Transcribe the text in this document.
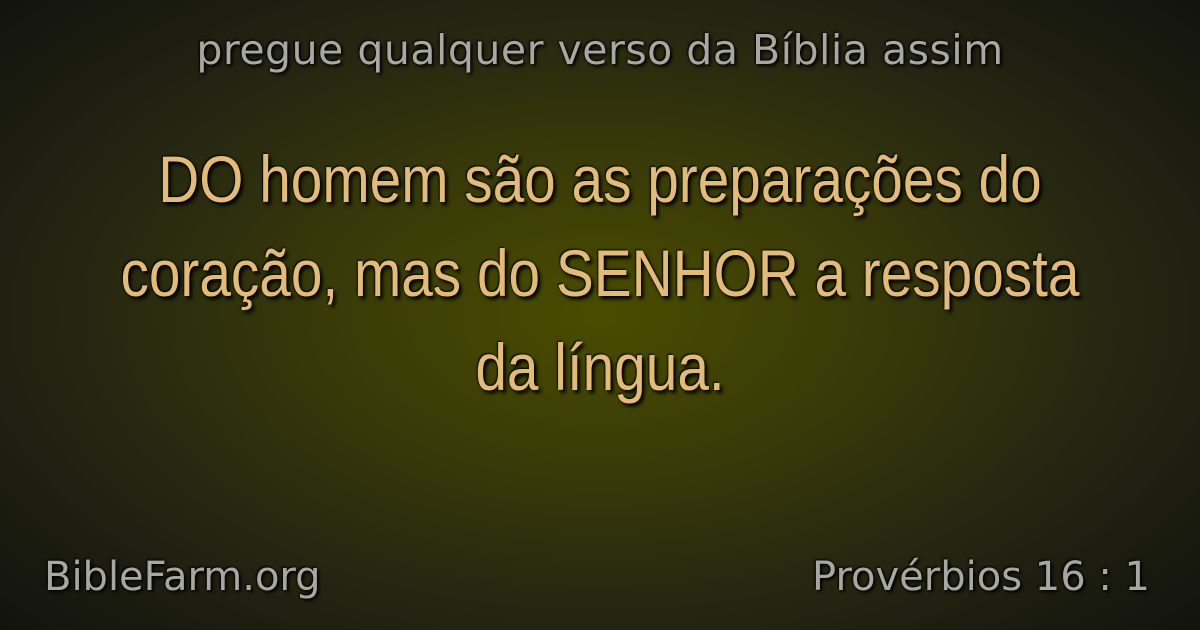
pregue qualquer verso da Bíblia assim
DO homem são as preparações do coração, mas do SENHOR a resposta da língua.
BibleFarm.org	Provérbios 16 : 1
